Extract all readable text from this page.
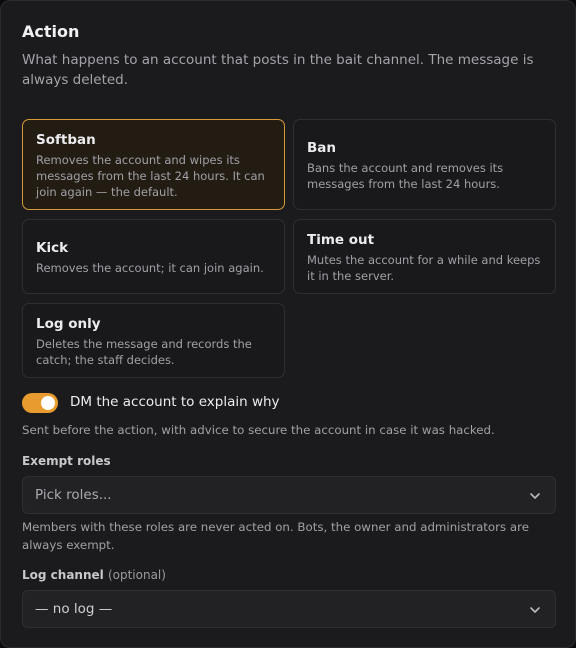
Action
What happens to an account that posts in the bait channel. The message is always deleted.
Softban
Removes the account and wipes its messages from the last 24 hours. It can join again — the default.
Ban
Bans the account and removes its messages from the last 24 hours.
Kick
Removes the account; it can join again.
Time out
Mutes the account for a while and keeps it in the server.
Log only
Deletes the message and records the catch; the staff decides.
DM the account to explain why
Sent before the action, with advice to secure the account in case it was hacked.
Exempt roles
Pick roles...
Members with these roles are never acted on. Bots, the owner and administrators are always exempt.
Log channel (optional)
— no log —
